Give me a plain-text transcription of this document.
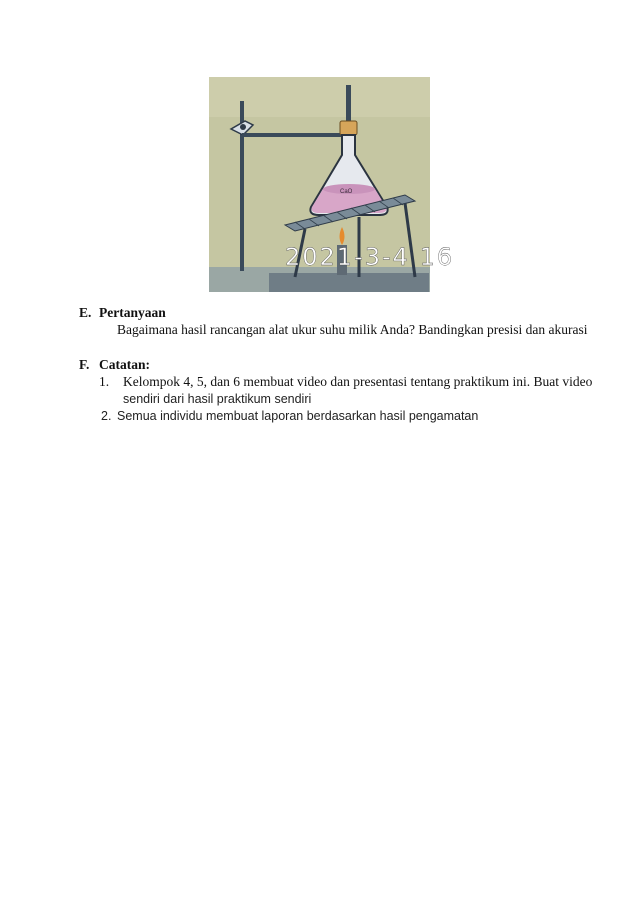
CaO
2021-3-4 16
E. Pertanyaan
Bagaimana hasil rancangan alat ukur suhu milik Anda? Bandingkan presisi dan akurasi
F. Catatan:
1. Kelompok 4, 5, dan 6 membuat video dan presentasi tentang praktikum ini. Buat video
sendiri dari hasil praktikum sendiri
2. Semua individu membuat laporan berdasarkan hasil pengamatan
